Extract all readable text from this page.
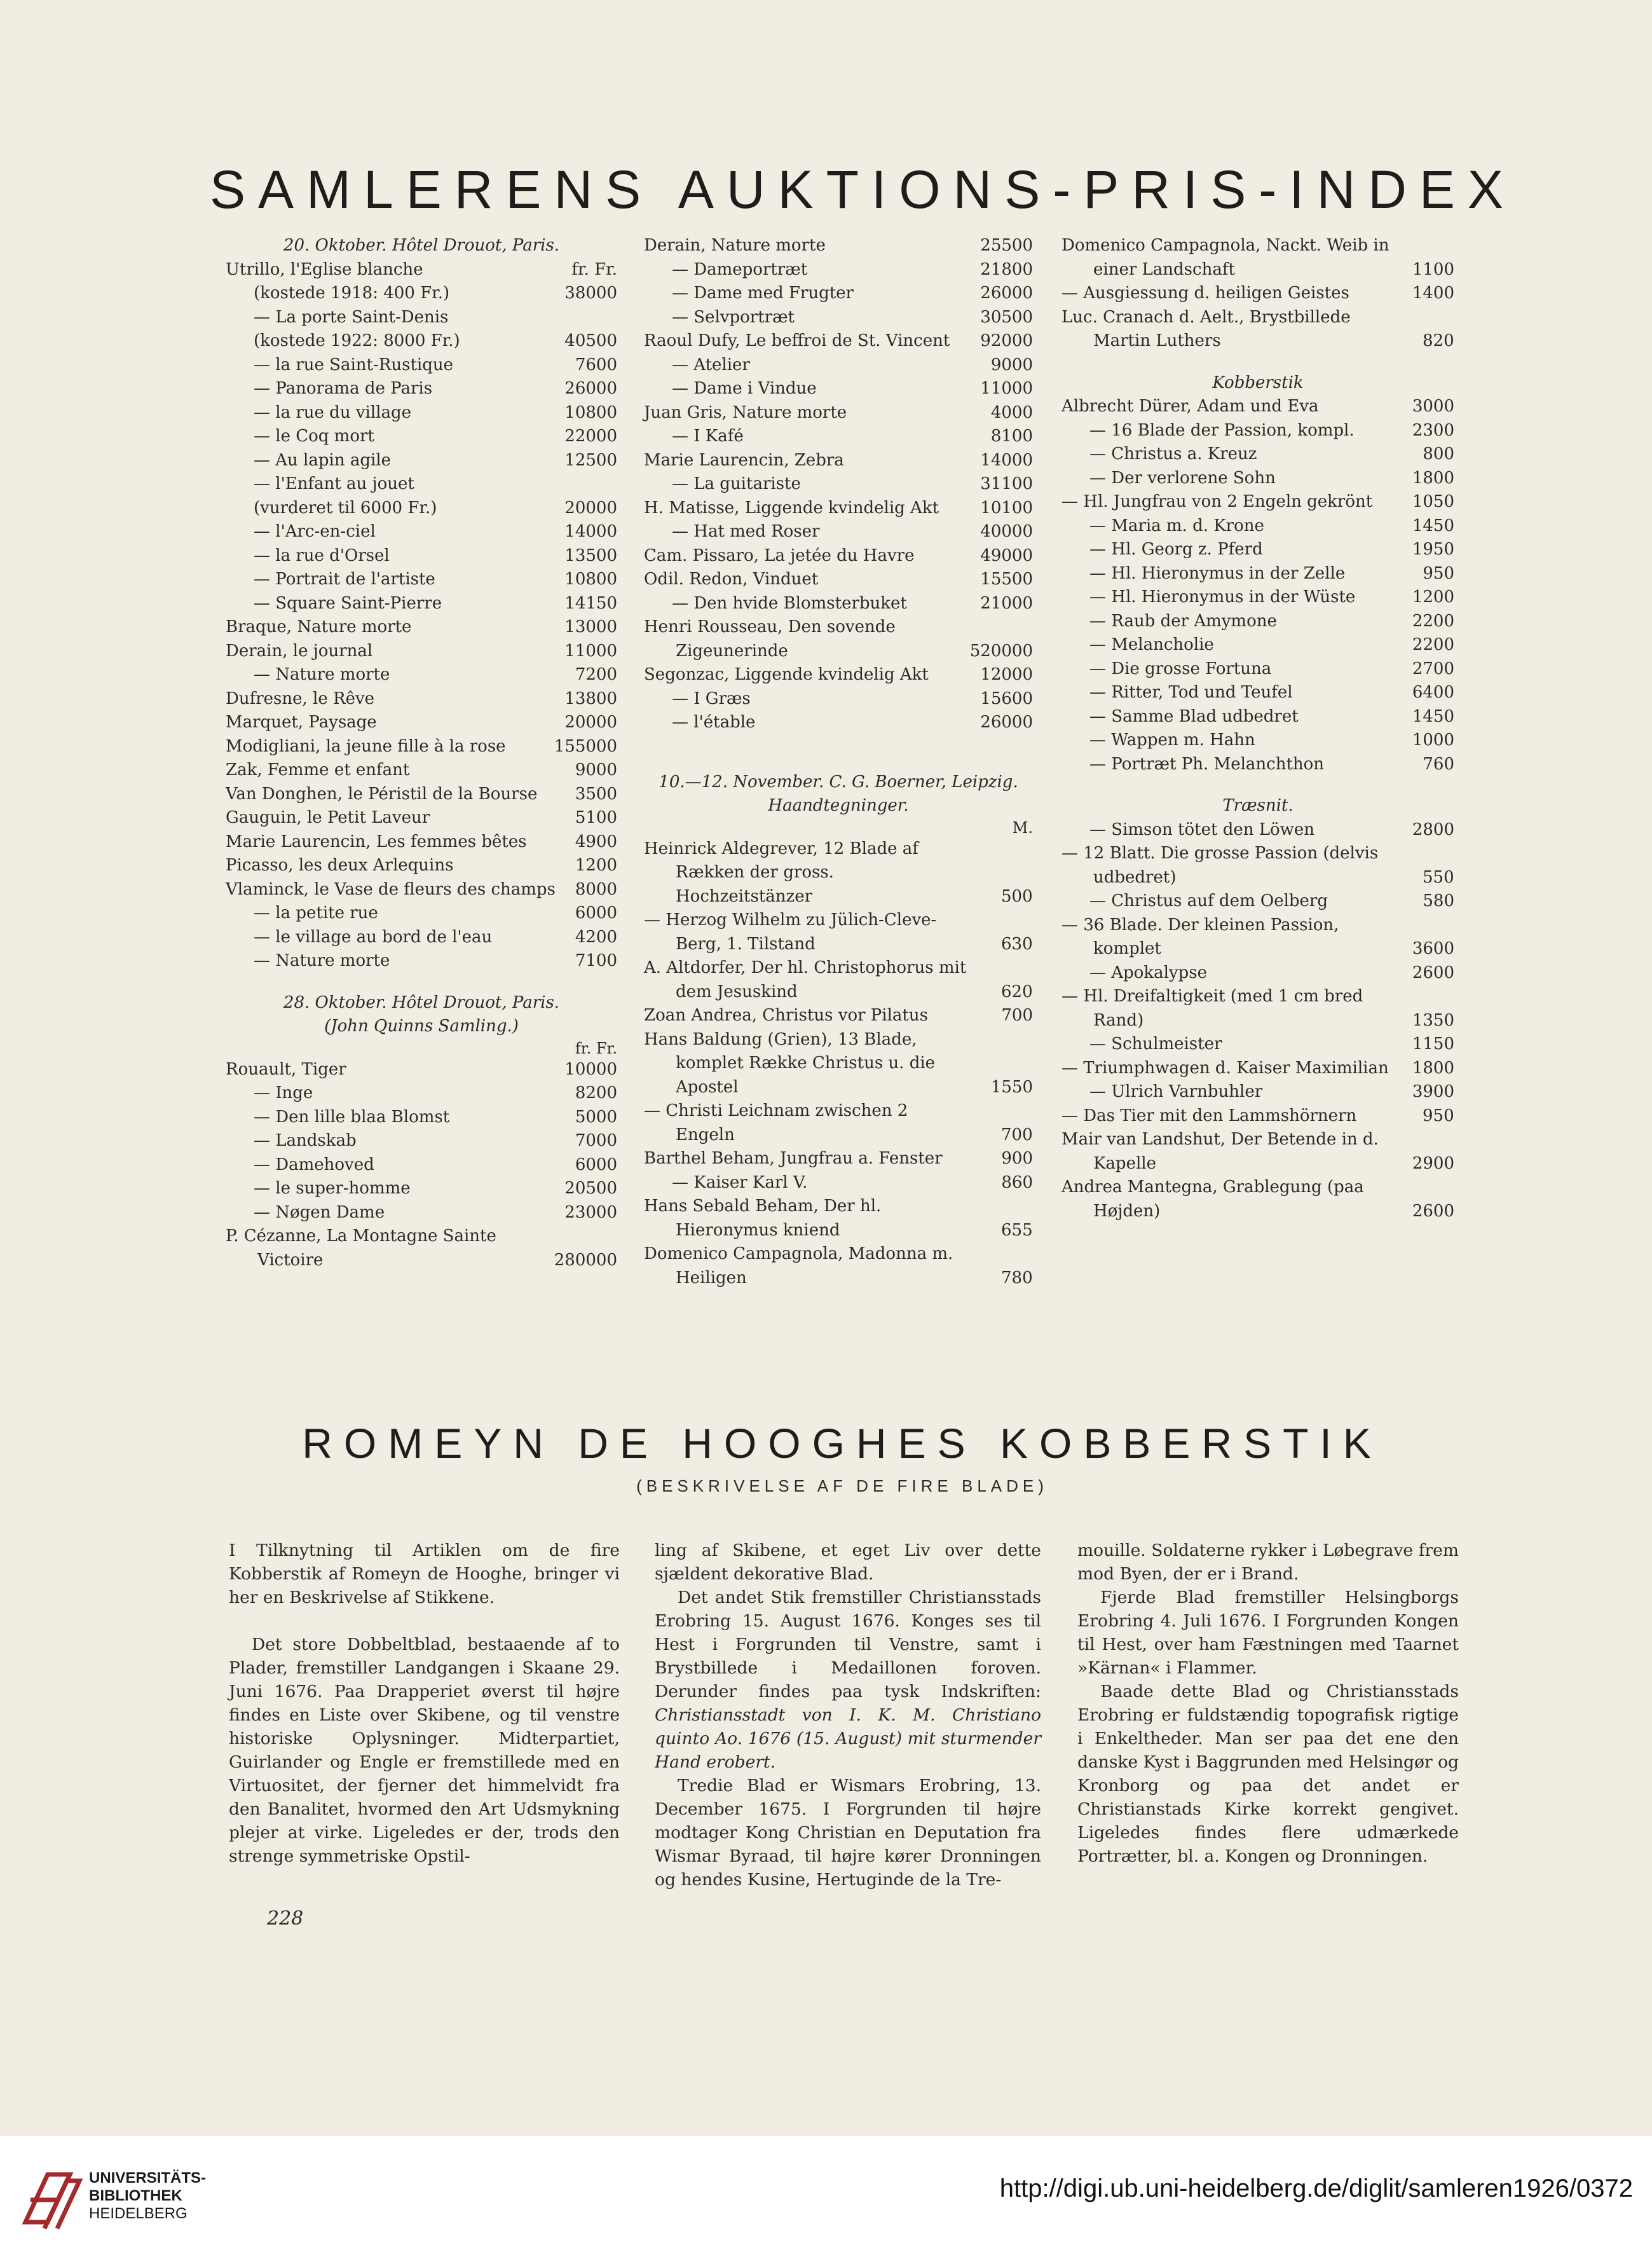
SAMLERENS AUKTIONS-PRIS-INDEX
20. Oktober. Hôtel Drouot, Paris.
Utrillo, l'Eglise blanche	fr. Fr.
(kostede 1918: 400 Fr.)	38000
— La porte Saint-Denis
(kostede 1922: 8000 Fr.)	40500
— la rue Saint-Rustique	7600
— Panorama de Paris	26000
— la rue du village	10800
— le Coq mort	22000
— Au lapin agile	12500
— l'Enfant au jouet
(vurderet til 6000 Fr.)	20000
— l'Arc-en-ciel	14000
— la rue d'Orsel	13500
— Portrait de l'artiste	10800
— Square Saint-Pierre	14150
Braque, Nature morte	13000
Derain, le journal	11000
— Nature morte	7200
Dufresne, le Rêve	13800
Marquet, Paysage	20000
Modigliani, la jeune fille à la rose	155000
Zak, Femme et enfant	9000
Van Donghen, le Péristil de la Bourse	3500
Gauguin, le Petit Laveur	5100
Marie Laurencin, Les femmes bêtes	4900
Picasso, les deux Arlequins	1200
Vlaminck, le Vase de fleurs des champs 8000
— la petite rue	6000
— le village au bord de l'eau	4200
— Nature morte	7100
28. Oktober. Hôtel Drouot, Paris.
(John Quinns Samling.)
fr. Fr.
Rouault, Tiger	10000
— Inge	8200
— Den lille blaa Blomst	5000
— Landskab	7000
— Damehoved	6000
— le super-homme	20500
— Nøgen Dame	23000
P. Cézanne, La Montagne Sainte Victoire	280000
Derain, Nature morte	25500
— Dameportræt	21800
— Dame med Frugter	26000
— Selvportræt	30500
Raoul Dufy, Le beffroi de St. Vincent	92000
— Atelier	9000
— Dame i Vindue	11000
Juan Gris, Nature morte	4000
— I Kafé	8100
Marie Laurencin, Zebra	14000
— La guitariste	31100
H. Matisse, Liggende kvindelig Akt	10100
— Hat med Roser	40000
Cam. Pissaro, La jetée du Havre	49000
Odil. Redon, Vinduet	15500
— Den hvide Blomsterbuket	21000
Henri Rousseau, Den sovende Zigeunerinde	520000
Segonzac, Liggende kvindelig Akt	12000
— I Græs	15600
— l'étable	26000
10.—12. November. C. G. Boerner, Leipzig.
Haandtegninger.
M.
Heinrick Aldegrever, 12 Blade af Rækken der gross. Hochzeitstänzer	500
— Herzog Wilhelm zu Jülich-Cleve-Berg, 1. Tilstand	630
A. Altdorfer, Der hl. Christophorus mit dem Jesuskind	620
Zoan Andrea, Christus vor Pilatus	700
Hans Baldung (Grien), 13 Blade, komplet Række Christus u. die Apostel	1550
— Christi Leichnam zwischen 2 Engeln	700
Barthel Beham, Jungfrau a. Fenster	900
— Kaiser Karl V.	860
Hans Sebald Beham, Der hl. Hieronymus kniend	655
Domenico Campagnola, Madonna m. Heiligen	780
Domenico Campagnola, Nackt. Weib in einer Landschaft	1100
— Ausgiessung d. heiligen Geistes	1400
Luc. Cranach d. Aelt., Brystbillede Martin Luthers	820
Kobberstik
Albrecht Dürer, Adam und Eva	3000
— 16 Blade der Passion, kompl.	2300
— Christus a. Kreuz	800
— Der verlorene Sohn	1800
— Hl. Jungfrau von 2 Engeln gekrönt	1050
— Maria m. d. Krone	1450
— Hl. Georg z. Pferd	1950
— Hl. Hieronymus in der Zelle	950
— Hl. Hieronymus in der Wüste	1200
— Raub der Amymone	2200
— Melancholie	2200
— Die grosse Fortuna	2700
— Ritter, Tod und Teufel	6400
— Samme Blad udbedret	1450
— Wappen m. Hahn	1000
— Portræt Ph. Melanchthon	760
Træsnit.
— Simson tötet den Löwen	2800
— 12 Blatt. Die grosse Passion (delvis udbedret)	550
— Christus auf dem Oelberg	580
— 36 Blade. Der kleinen Passion, komplet	3600
— Apokalypse	2600
— Hl. Dreifaltigkeit (med 1 cm bred Rand)	1350
— Schulmeister	1150
— Triumphwagen d. Kaiser Maximilian 1800
— Ulrich Varnbuhler	3900
— Das Tier mit den Lammshörnern	950
Mair van Landshut, Der Betende in d. Kapelle	2900
Andrea Mantegna, Grablegung (paa Højden)	2600
ROMEYN DE HOOGHES KOBBERSTIK
(BESKRIVELSE AF DE FIRE BLADE)

I Tilknytning til Artiklen om de fire Kobberstik af Romeyn de Hooghe, bringer vi her en Beskrivelse af Stikkene.

Det store Dobbeltblad, bestaaende af to Plader, fremstiller Landgangen i Skaane 29. Juni 1676. Paa Drapperiet øverst til højre findes en Liste over Skibene, og til venstre historiske Oplysninger. Midterpartiet, Guirlander og Engle er fremstillede med en Virtuositet, der fjerner det himmelvidt fra den Banalitet, hvormed den Art Udsmykning plejer at virke. Ligeledes er der, trods den strenge symmetriske Opstil-

ling af Skibene, et eget Liv over dette sjældent dekorative Blad.

Det andet Stik fremstiller Christiansstads Erobring 15. August 1676. Konges ses til Hest i Forgrunden til Venstre, samt i Brystbillede i Medaillonen foroven. Derunder findes paa tysk Indskriften: Christiansstadt von I. K. M. Christiano quinto Ao. 1676 (15. August) mit sturmender Hand erobert.

Tredie Blad er Wismars Erobring, 13. December 1675. I Forgrunden til højre modtager Kong Christian en Deputation fra Wismar Byraad, til højre kører Dronningen og hendes Kusine, Hertuginde de la Tre-

mouille. Soldaterne rykker i Løbegrave frem mod Byen, der er i Brand.

Fjerde Blad fremstiller Helsingborgs Erobring 4. Juli 1676. I Forgrunden Kongen til Hest, over ham Fæstningen med Taarnet »Kärnan« i Flammer.

Baade dette Blad og Christiansstads Erobring er fuldstændig topografisk rigtige i Enkeltheder. Man ser paa det ene den danske Kyst i Baggrunden med Helsingør og Kronborg og paa det andet er Christianstads Kirke korrekt gengivet. Ligeledes findes flere udmærkede Portrætter, bl. a. Kongen og Dronningen.

228
UNIVERSITÄTS-
BIBLIOTHEK
HEIDELBERG
http://digi.ub.uni-heidelberg.de/diglit/samleren1926/0372
